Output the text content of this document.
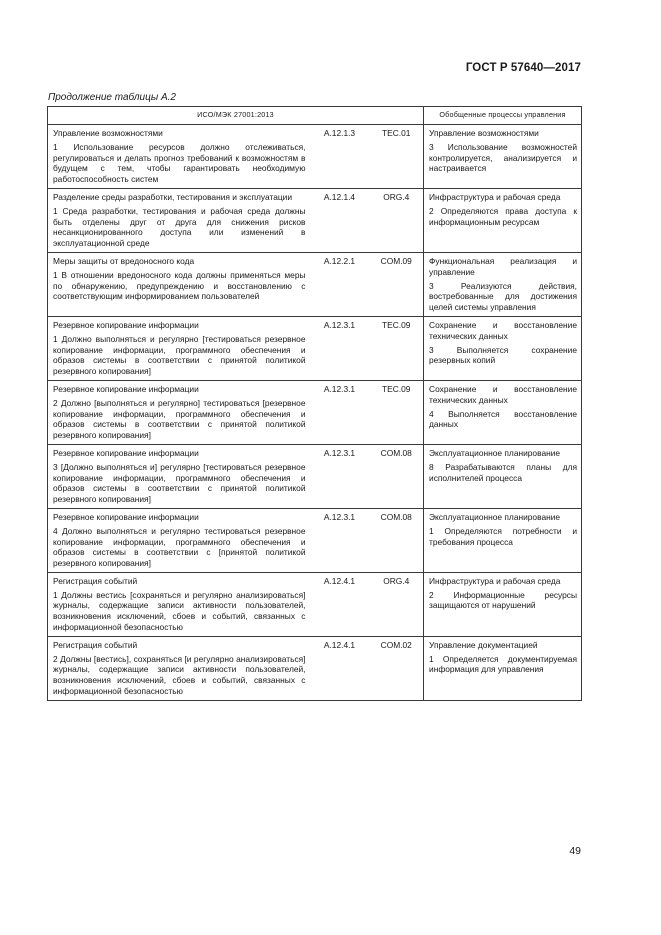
ГОСТ Р 57640—2017
Продолжение таблицы А.2
ИСО/МЭК 27001:2013			Обобщенные процессы управления

Управление возможностями
1 Использование ресурсов должно отслеживаться, регулироваться и делать прогноз требований к возможностям в будущем с тем, чтобы гарантировать необходимую работоспособность систем	A.12.1.3	TEC.01	Управление возможностями
3 Использование возможностей контролируется, анализируется и настраивается

Разделение среды разработки, тестирования и эксплуатации
1 Среда разработки, тестирования и рабочая среда должны быть отделены друг от друга для снижения рисков несанкционированного доступа или изменений в эксплуатационной среде	A.12.1.4	ORG.4	Инфраструктура и рабочая среда
2 Определяются права доступа к информационным ресурсам

Меры защиты от вредоносного кода
1 В отношении вредоносного кода должны применяться меры по обнаружению, предупреждению и восстановлению с соответствующим информированием пользователей	A.12.2.1	COM.09	Функциональная реализация и управление
3 Реализуются действия, востребованные для достижения целей системы управления

Резервное копирование информации
1 Должно выполняться и регулярно [тестироваться резервное копирование информации, программного обеспечения и образов системы в соответствии с принятой политикой резервного копирования]	A.12.3.1	TEC.09	Сохранение и восстановление технических данных
3 Выполняется сохранение резервных копий

Резервное копирование информации
2 Должно [выполняться и регулярно] тестироваться [резервное копирование информации, программного обеспечения и образов системы в соответствии с принятой политикой резервного копирования]	A.12.3.1	TEC.09	Сохранение и восстановление технических данных
4 Выполняется восстановление данных

Резервное копирование информации
3 [Должно выполняться и] регулярно [тестироваться резервное копирование информации, программного обеспечения и образов системы в соответствии с принятой политикой резервного копирования]	A.12.3.1	COM.08	Эксплуатационное планирование
8 Разрабатываются планы для исполнителей процесса

Резервное копирование информации
4 Должно выполняться и регулярно тестироваться резервное копирование информации, программного обеспечения и образов системы в соответствии с [принятой политикой резервного копирования]	A.12.3.1	COM.08	Эксплуатационное планирование
1 Определяются потребности и требования процесса

Регистрация событий
1 Должны вестись [сохраняться и регулярно анализироваться] журналы, содержащие записи активности пользователей, возникновения исключений, сбоев и событий, связанных с информационной безопасностью	A.12.4.1	ORG.4	Инфраструктура и рабочая среда
2 Информационные ресурсы защищаются от нарушений

Регистрация событий
2 Должны [вестись], сохраняться [и регулярно анализироваться] журналы, содержащие записи активности пользователей, возникновения исключений, сбоев и событий, связанных с информационной безопасностью	A.12.4.1	COM.02	Управление документацией
1 Определяется документируемая информация для управления
49
